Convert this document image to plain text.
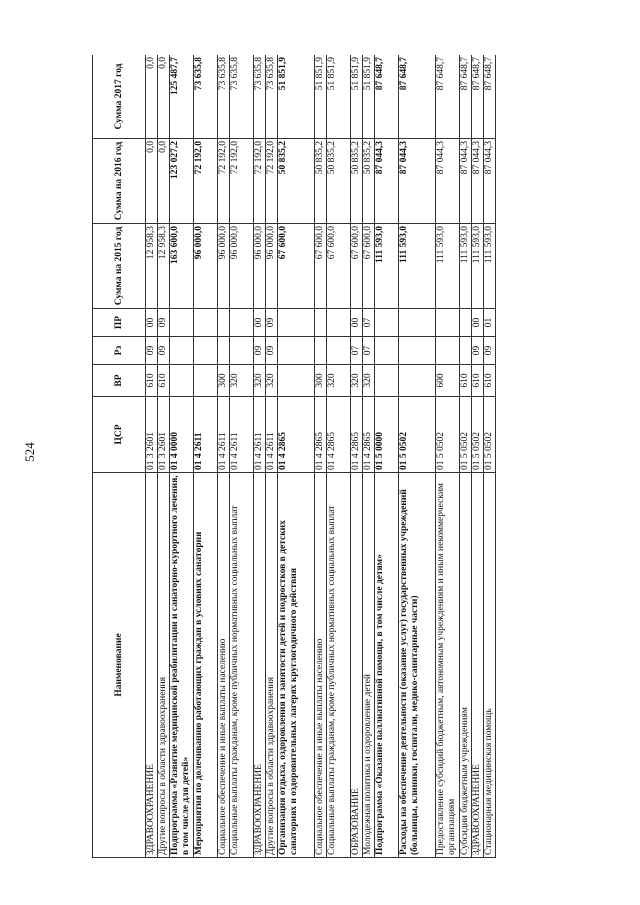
524
Наименование	ЦСР	ВР	Рз	ПР	Сумма на 2015 год	Сумма на 2016 год	Сумма 2017 год
ЗДРАВООХРАНЕНИЕ	01 3 2601	610	09	00	12 958,3	0,0	0,0
Другие вопросы в области здравоохранения	01 3 2601	610	09	09	12 958,3	0,0	0,0
Подпрограмма «Развитие медицинской реабилитации и санаторно-курортного лечения, в том числе для детей»	01 4 0000				163 600,0	123 027,2	125 487,7
Мероприятия по долечиванию работающих граждан в условиях санатория	01 4 2611				96 000,0	72 192,0	73 635,8
Социальное обеспечение и иные выплаты населению	01 4 2611	300			96 000,0	72 192,0	73 635,8
Социальные выплаты гражданам, кроме публичных нормативных социальных выплат	01 4 2611	320			96 000,0	72 192,0	73 635,8
ЗДРАВООХРАНЕНИЕ	01 4 2611	320	09	00	96 000,0	72 192,0	73 635,8
Другие вопросы в области здравоохранения	01 4 2611	320	09	09	96 000,0	72 192,0	73 635,8
Организация отдыха, оздоровления и занятости детей и подростков в детских санаториях и оздоровительных лагерях круглогодичного действия	01 4 2865				67 600,0	50 835,2	51 851,9
Социальное обеспечение и иные выплаты населению	01 4 2865	300			67 600,0	50 835,2	51 851,9
Социальные выплаты гражданам, кроме публичных нормативных социальных выплат	01 4 2865	320			67 600,0	50 835,2	51 851,9
ОБРАЗОВАНИЕ	01 4 2865	320	07	00	67 600,0	50 835,2	51 851,9
Молодежная политика и оздоровление детей	01 4 2865	320	07	07	67 600,0	50 835,2	51 851,9
Подпрограмма «Оказание паллиативной помощи, в том числе детям»	01 5 0000				111 593,0	87 044,3	87 648,7
Расходы на обеспечение деятельности (оказание услуг) государственных учреждений (больницы, клиники, госпитали, медико-санитарные части)	01 5 0502				111 593,0	87 044,3	87 648,7
Предоставление субсидий бюджетным, автономным учреждениям и иным некоммерческим организациям	01 5 0502	600			111 593,0	87 044,3	87 648,7
Субсидии бюджетным учреждениям	01 5 0502	610			111 593,0	87 044,3	87 648,7
ЗДРАВООХРАНЕНИЕ	01 5 0502	610	09	00	111 593,0	87 044,3	87 648,7
Стационарная медицинская помощь	01 5 0502	610	09	01	111 593,0	87 044,3	87 648,7
